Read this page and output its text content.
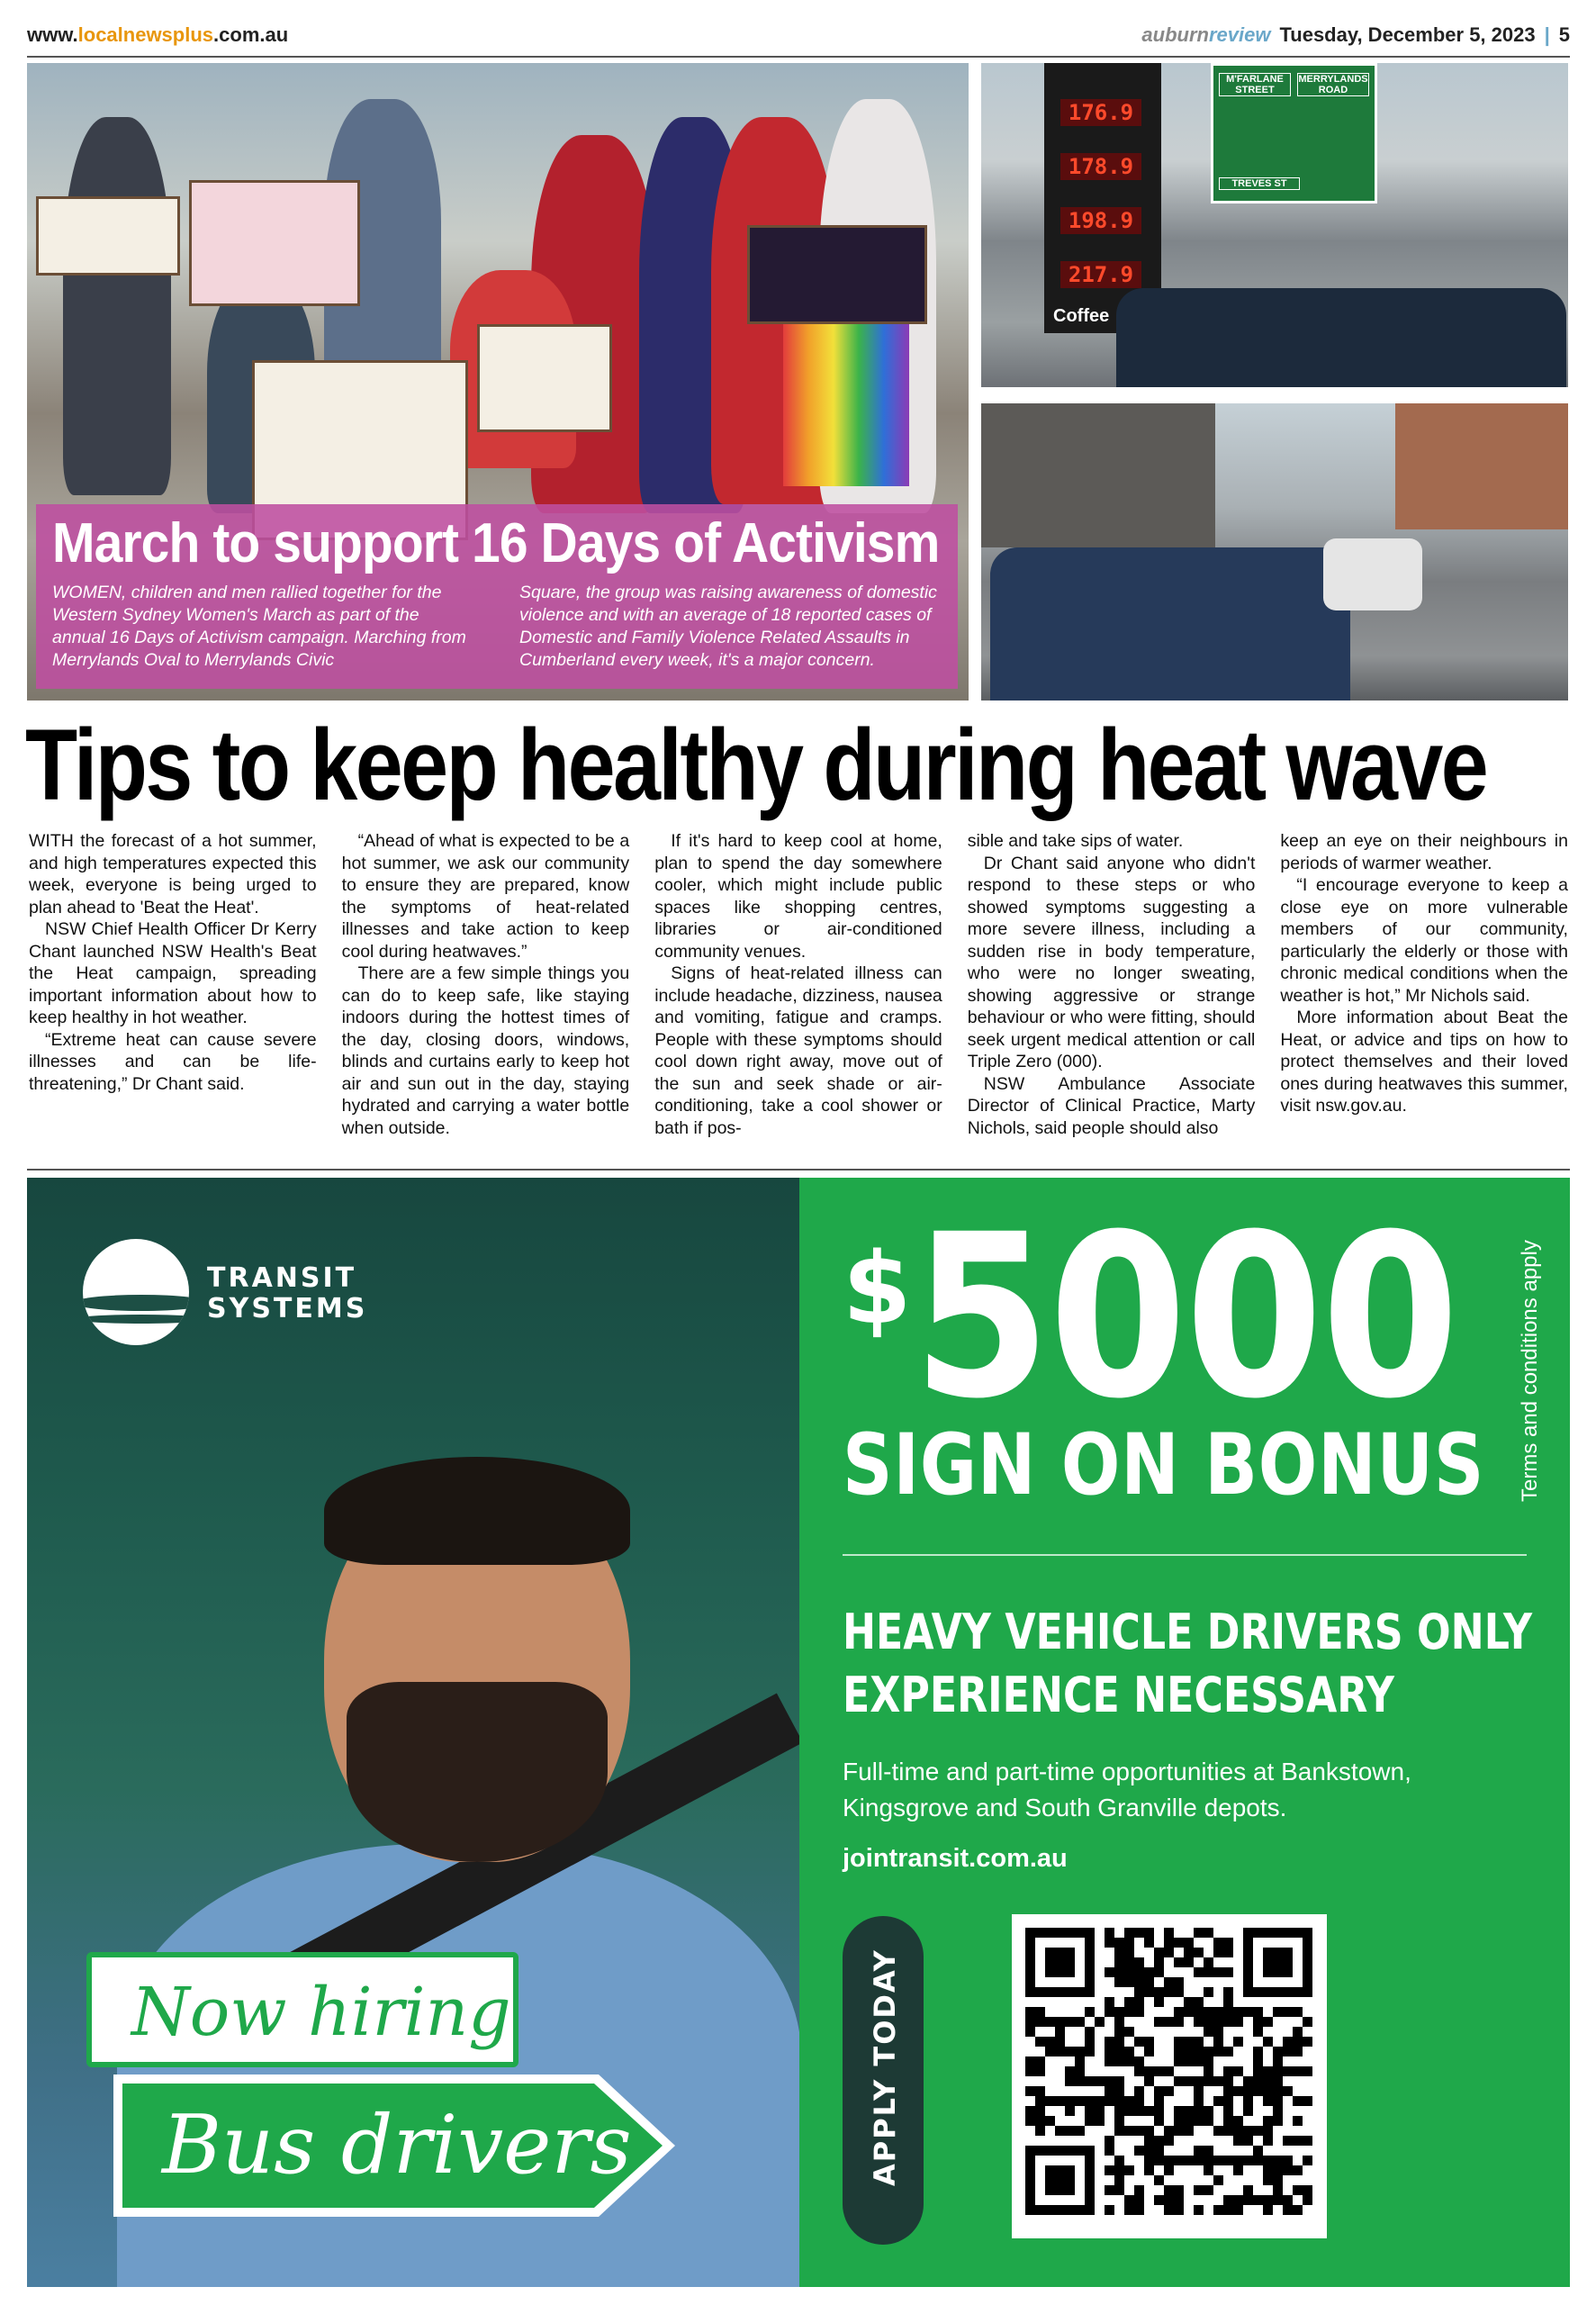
www.localnewsplus.com.au	auburnreview Tuesday, December 5, 2023 | 5
March to support 16 Days of Activism
WOMEN, children and men rallied together for the Western Sydney Women's March as part of the annual 16 Days of Activism campaign. Marching from Merrylands Oval to Merrylands Civic
Square, the group was raising awareness of domestic violence and with an average of 18 reported cases of Domestic and Family Violence Related Assaults in Cumberland every week, it's a major concern.
176.9
178.9
198.9
217.9
Coffee
M'FARLANE STREET
MERRYLANDS ROAD
TREVES ST
Tips to keep healthy during heat wave

WITH the forecast of a hot summer, and high temperatures expected this week, everyone is being urged to plan ahead to 'Beat the Heat'.

NSW Chief Health Officer Dr Kerry Chant launched NSW Health's Beat the Heat campaign, spreading important information about how to keep healthy in hot weather.

“Extreme heat can cause severe illnesses and can be life-threatening,” Dr Chant said.

“Ahead of what is expected to be a hot summer, we ask our community to ensure they are prepared, know the symptoms of heat-related illnesses and take action to keep cool during heatwaves.”

There are a few simple things you can do to keep safe, like staying indoors during the hottest times of the day, closing doors, windows, blinds and curtains early to keep hot air and sun out in the day, staying hydrated and carrying a water bottle when outside.

If it's hard to keep cool at home, plan to spend the day somewhere cooler, which might include public spaces like shopping centres, libraries or air-conditioned community venues.

Signs of heat-related illness can include headache, dizziness, nausea and vomiting, fatigue and cramps. People with these symptoms should cool down right away, move out of the sun and seek shade or air-conditioning, take a cool shower or bath if pos-

sible and take sips of water.

Dr Chant said anyone who didn't respond to these steps or who showed symptoms suggesting a more severe illness, including a sudden rise in body temperature, who were no longer sweating, showing aggressive or strange behaviour or who were fitting, should seek urgent medical attention or call Triple Zero (000).

NSW Ambulance Associate Director of Clinical Practice, Marty Nichols, said people should also

keep an eye on their neighbours in periods of warmer weather.

“I encourage everyone to keep a close eye on more vulnerable members of our community, particularly the elderly or those with chronic medical conditions when the weather is hot,” Mr Nichols said.

More information about Beat the Heat, or advice and tips on how to protect themselves and their loved ones during heatwaves this summer, visit nsw.gov.au.

TRANSIT
SYSTEMS
Now hiring
Bus drivers
$ 5000
SIGN ON BONUS Terms and conditions apply
HEAVY VEHICLE DRIVERS ONLY
EXPERIENCE NECESSARY
Full-time and part-time opportunities at Bankstown, Kingsgrove and South Granville depots.
jointransit.com.au
APPLY TODAY
